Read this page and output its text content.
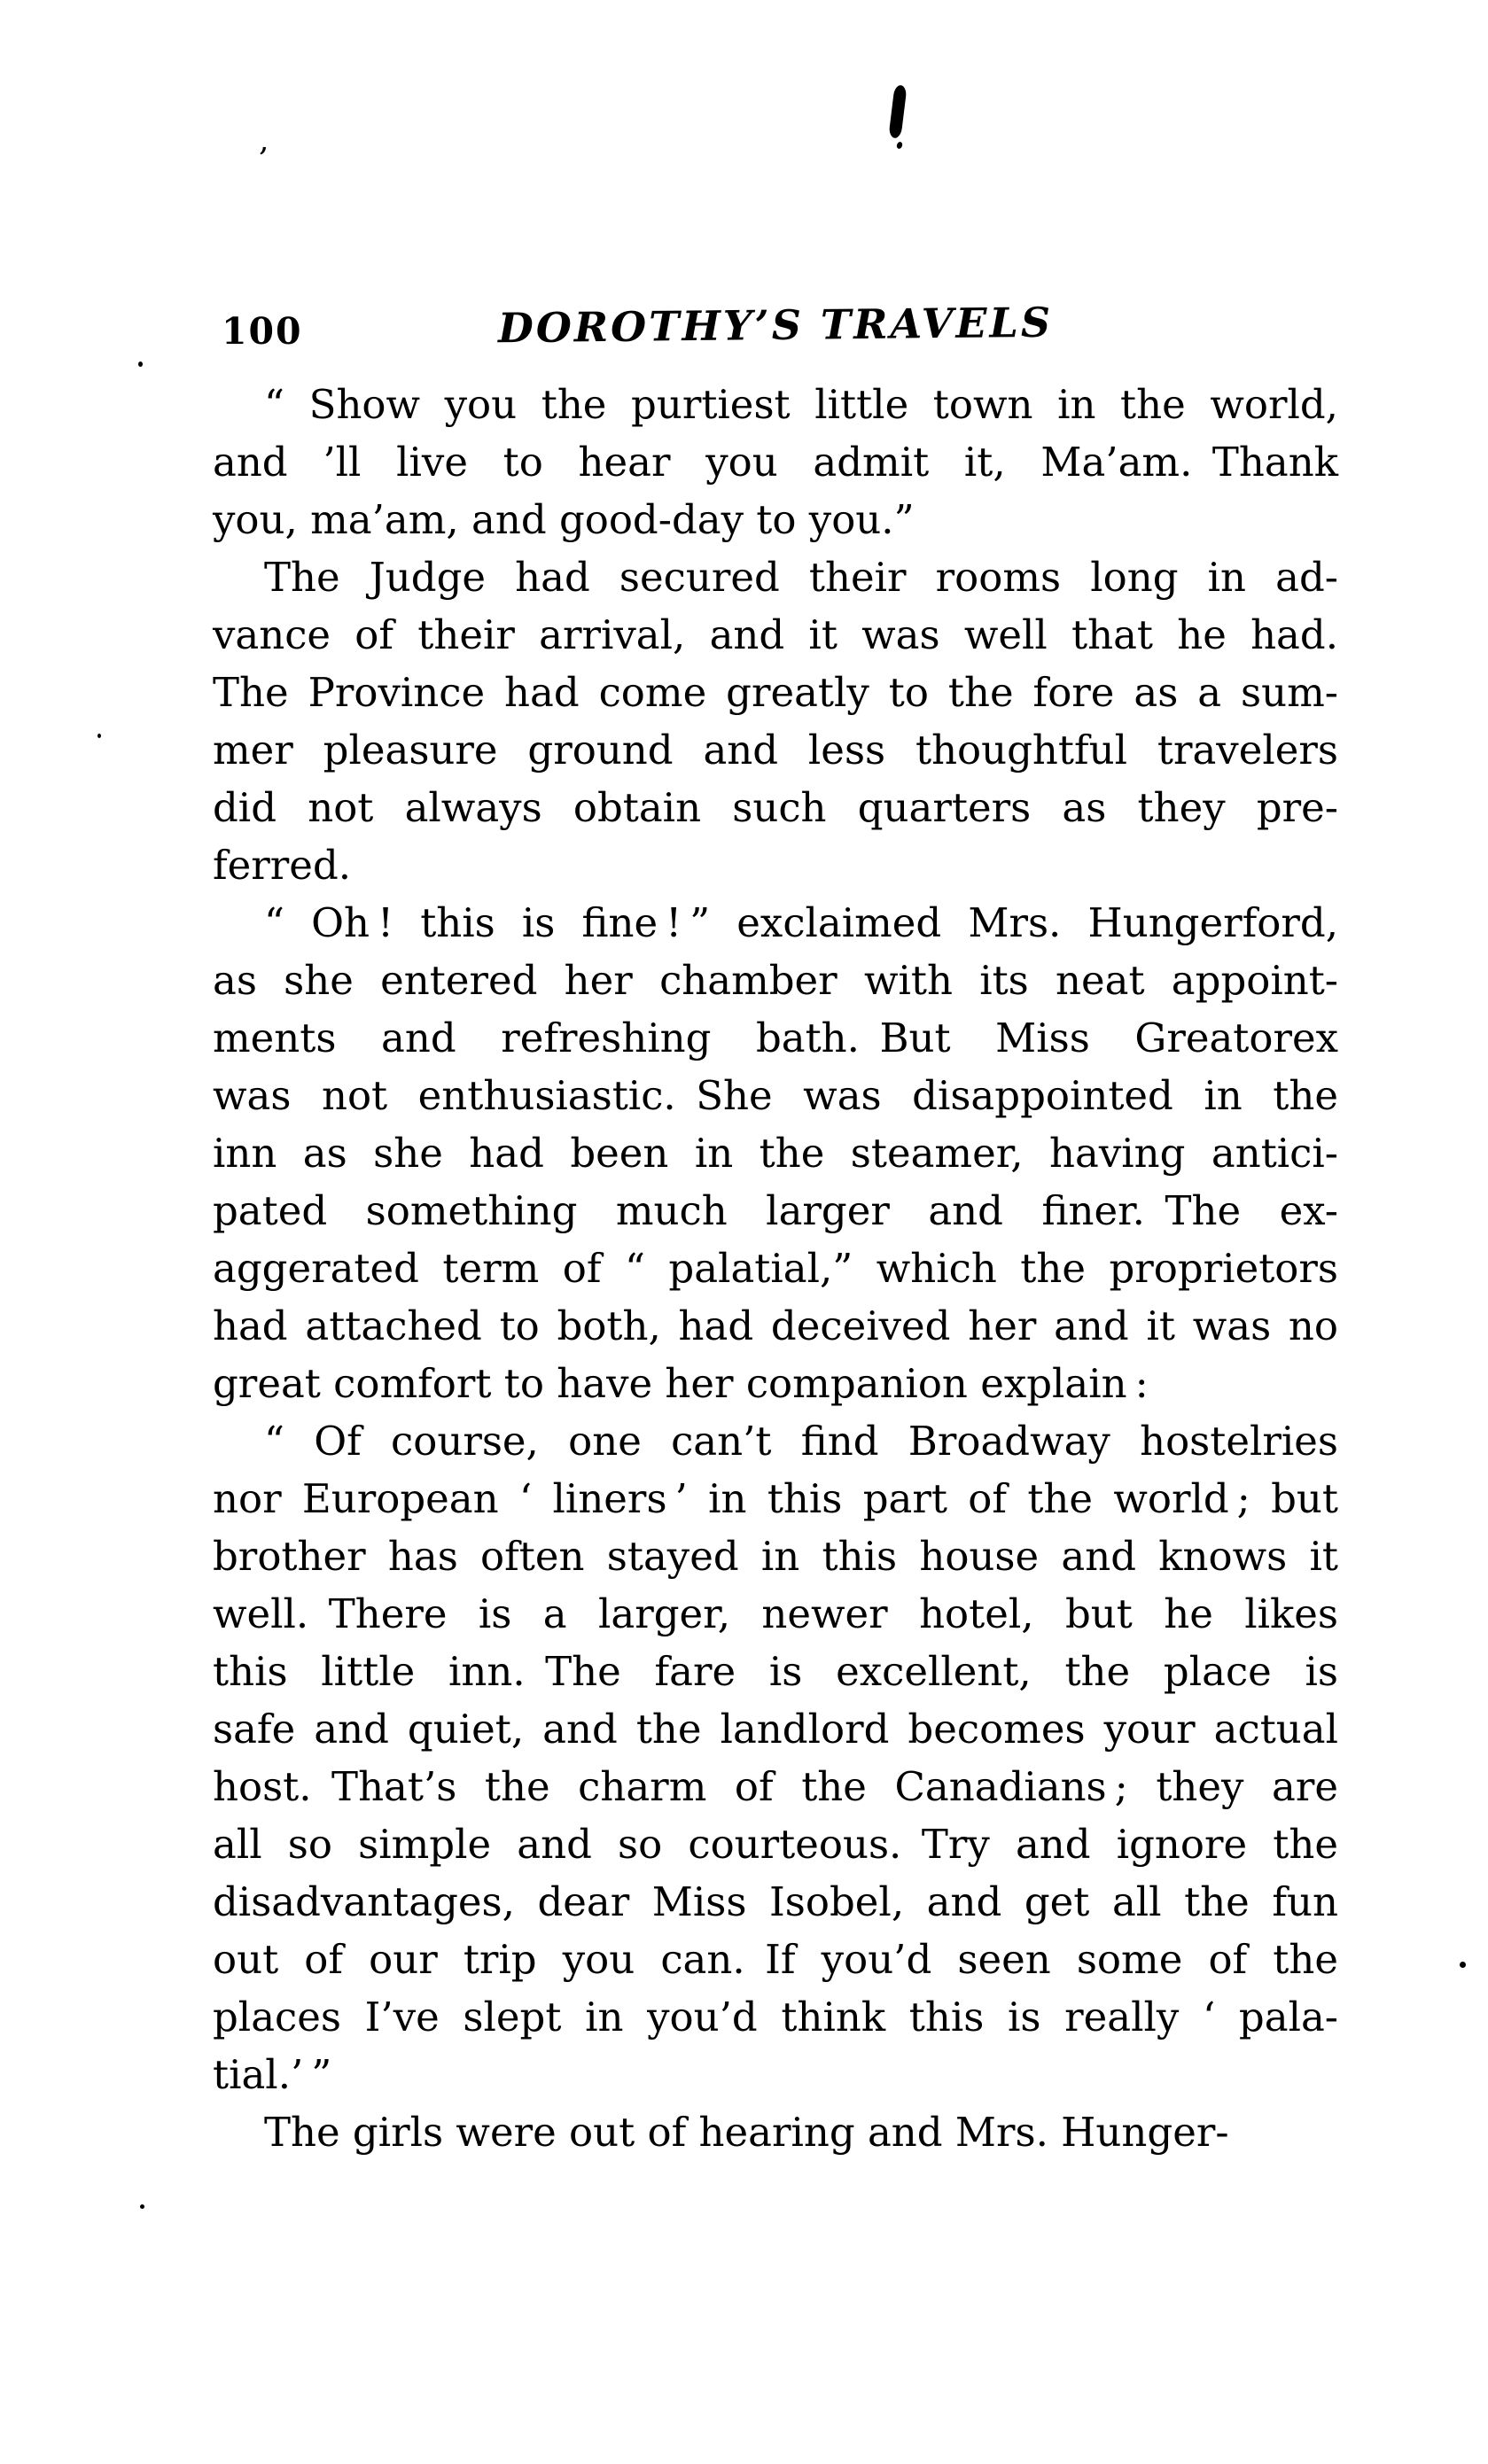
’
100	DOROTHY’S TRAVELS
“ Show you the purtiest little town in the world,
and ’ll live to hear you admit it, Ma’am. Thank
you, ma’am, and good-day to you.”
The Judge had secured their rooms long in ad-
vance of their arrival, and it was well that he had.
The Province had come greatly to the fore as a sum-
mer pleasure ground and less thoughtful travelers
did not always obtain such quarters as they pre-
ferred.
“ Oh ! this is fine ! ” exclaimed Mrs. Hungerford,
as she entered her chamber with its neat appoint-
ments and refreshing bath. But Miss Greatorex
was not enthusiastic. She was disappointed in the
inn as she had been in the steamer, having antici-
pated something much larger and finer. The ex-
aggerated term of “ palatial,” which the proprietors
had attached to both, had deceived her and it was no
great comfort to have her companion explain :
“ Of course, one can’t find Broadway hostelries
nor European ‘ liners ’ in this part of the world ; but
brother has often stayed in this house and knows it
well. There is a larger, newer hotel, but he likes
this little inn. The fare is excellent, the place is
safe and quiet, and the landlord becomes your actual
host. That’s the charm of the Canadians ; they are
all so simple and so courteous. Try and ignore the
disadvantages, dear Miss Isobel, and get all the fun
out of our trip you can. If you’d seen some of the
places I’ve slept in you’d think this is really ‘ pala-
tial.’ ”
The girls were out of hearing and Mrs. Hunger-
